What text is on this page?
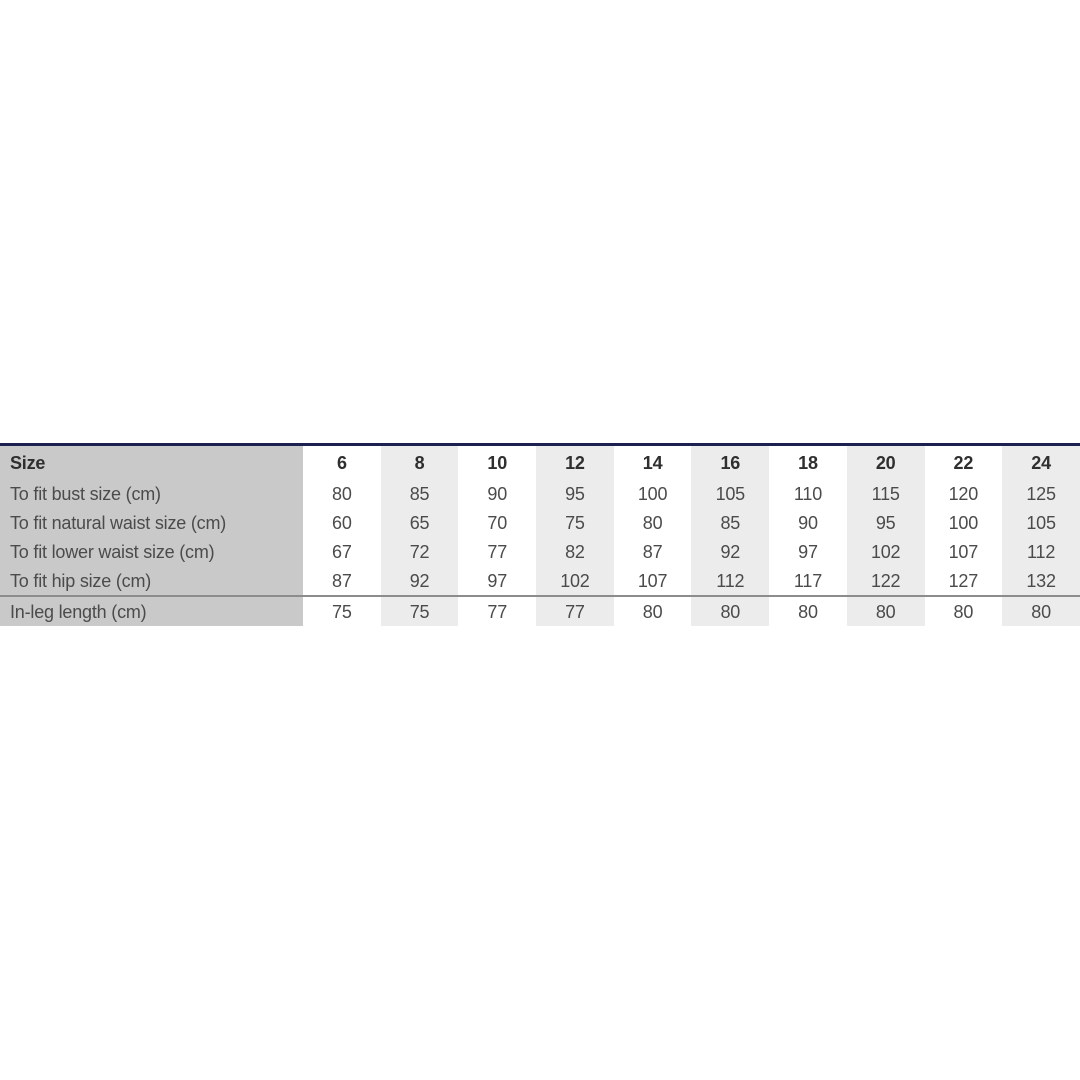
Size	6	8	10	12	14	16	18	20	22	24
To fit bust size (cm)	80	85	90	95	100	105	110	115	120	125
To fit natural waist size (cm)	60	65	70	75	80	85	90	95	100	105
To fit lower waist size (cm)	67	72	77	82	87	92	97	102	107	112
To fit hip size (cm)	87	92	97	102	107	112	117	122	127	132
In-leg length (cm)	75	75	77	77	80	80	80	80	80	80
